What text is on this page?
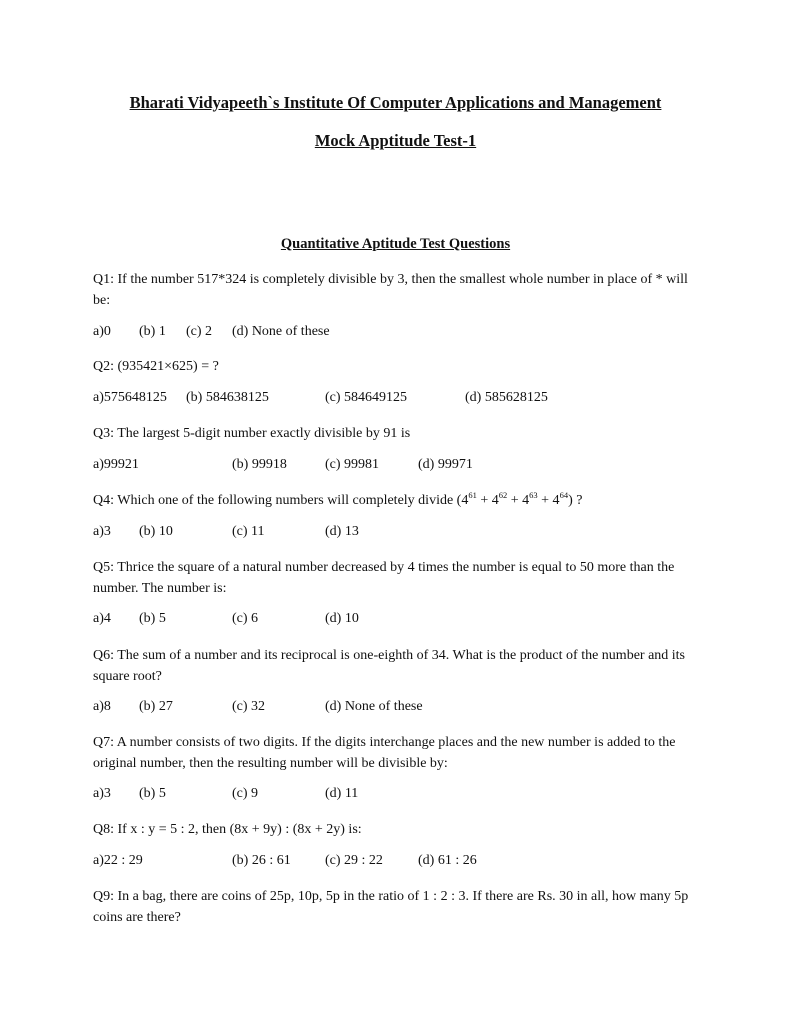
Bharati Vidyapeeth`s Institute Of Computer Applications and Management
Mock Apptitude Test-1
Quantitative Aptitude Test Questions
Q1: If the number 517*324 is completely divisible by 3, then the smallest whole number in place of * will be:
a)0 (b) 1 (c) 2 (d) None of these
Q2: (935421×625) = ?
a)575648125 (b) 584638125	(c) 584649125	(d) 585628125
Q3: The largest 5-digit number exactly divisible by 91 is
a)99921	(b) 99918	(c) 99981	(d) 99971
Q4: Which one of the following numbers will completely divide $(4^{61} + 4^{62} + 4^{63} + 4^{64})$ ?
a)3 (b) 10	(c) 11	(d) 13
Q5: Thrice the square of a natural number decreased by 4 times the number is equal to 50 more than the number. The number is:
a)4 (b) 5	(c) 6	(d) 10
Q6: The sum of a number and its reciprocal is one-eighth of 34. What is the product of the number and its square root?
a)8 (b) 27	(c) 32	(d) None of these
Q7: A number consists of two digits. If the digits interchange places and the new number is added to the original number, then the resulting number will be divisible by:
a)3 (b) 5	(c) 9	(d) 11
Q8: If x : y = 5 : 2, then (8x + 9y) : (8x + 2y) is:
a)22 : 29	(b) 26 : 61 (c) 29 : 22	(d) 61 : 26
Q9: In a bag, there are coins of 25p, 10p, 5p in the ratio of 1 : 2 : 3. If there are Rs. 30 in all, how many 5p coins are there?
